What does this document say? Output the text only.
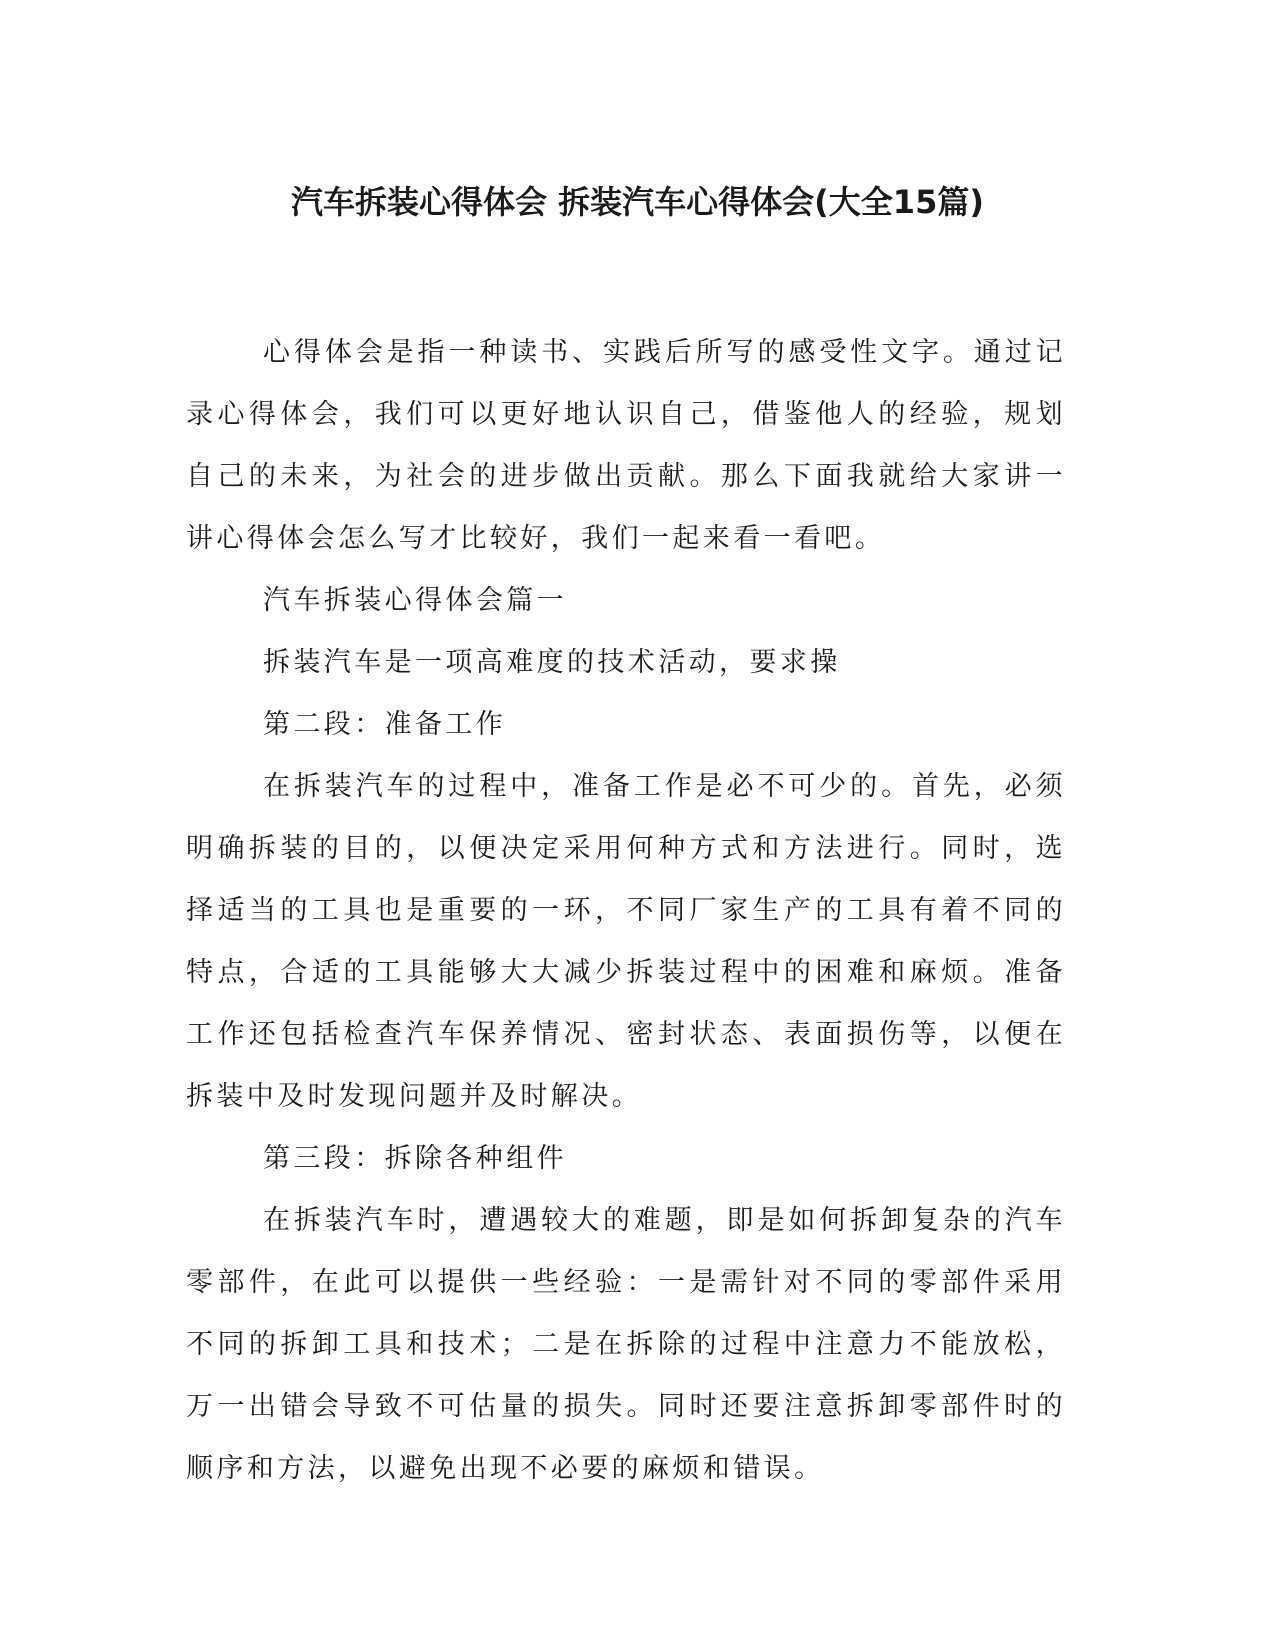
汽车拆装心得体会 拆装汽车心得体会(大全15篇)

心得体会是指一种读书、实践后所写的感受性文字。通过记录心得体会，我们可以更好地认识自己，借鉴他人的经验，规划自己的未来，为社会的进步做出贡献。那么下面我就给大家讲一讲心得体会怎么写才比较好，我们一起来看一看吧。

汽车拆装心得体会篇一

拆装汽车是一项高难度的技术活动，要求操

第二段：准备工作

在拆装汽车的过程中，准备工作是必不可少的。首先，必须明确拆装的目的，以便决定采用何种方式和方法进行。同时，选择适当的工具也是重要的一环，不同厂家生产的工具有着不同的特点，合适的工具能够大大减少拆装过程中的困难和麻烦。准备工作还包括检查汽车保养情况、密封状态、表面损伤等，以便在拆装中及时发现问题并及时解决。

第三段：拆除各种组件

在拆装汽车时，遭遇较大的难题，即是如何拆卸复杂的汽车零部件，在此可以提供一些经验：一是需针对不同的零部件采用不同的拆卸工具和技术；二是在拆除的过程中注意力不能放松，万一出错会导致不可估量的损失。同时还要注意拆卸零部件时的顺序和方法，以避免出现不必要的麻烦和错误。
